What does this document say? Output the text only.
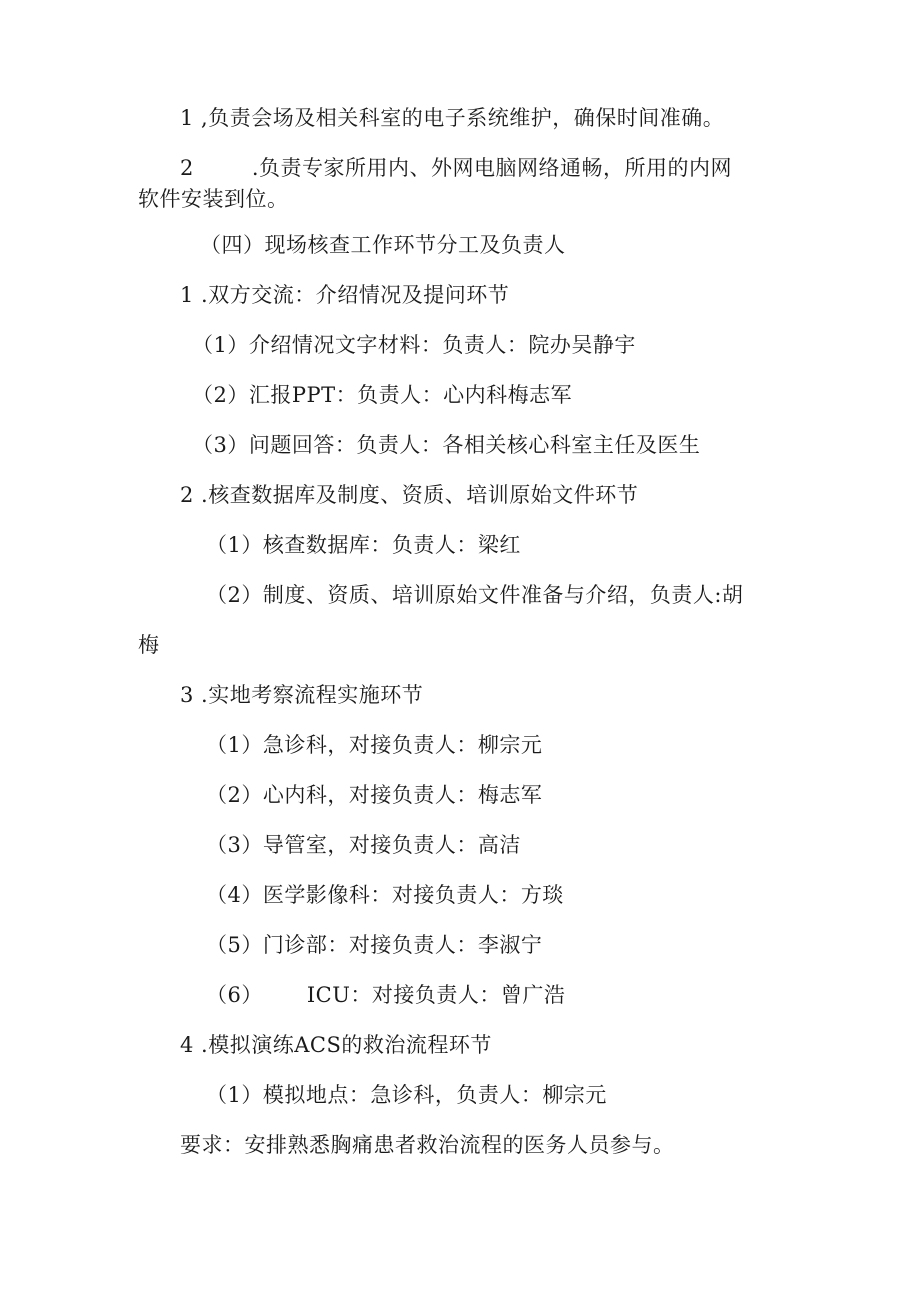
1 ,负责会场及相关科室的电子系统维护，确保时间准确。
2	.负责专家所用内、外网电脑网络通畅，所用的内网
软件安装到位。
（四）现场核查工作环节分工及负责人
1 .双方交流：介绍情况及提问环节
（1）介绍情况文字材料：负责人：院办吴静宇
（2）汇报PPT：负责人：心内科梅志军
（3）问题回答：负责人：各相关核心科室主任及医生
2 .核查数据库及制度、资质、培训原始文件环节
（1）核查数据库：负责人：梁红
（2）制度、资质、培训原始文件准备与介绍，负责人:胡
梅
3 .实地考察流程实施环节
（1）急诊科，对接负责人：柳宗元
（2）心内科，对接负责人：梅志军
（3）导管室，对接负责人：高洁
（4）医学影像科：对接负责人：方琰
（5）门诊部：对接负责人：李淑宁
（6） ICU：对接负责人：曾广浩
4 .模拟演练ACS的救治流程环节
（1）模拟地点：急诊科，负责人：柳宗元
要求：安排熟悉胸痛患者救治流程的医务人员参与。
